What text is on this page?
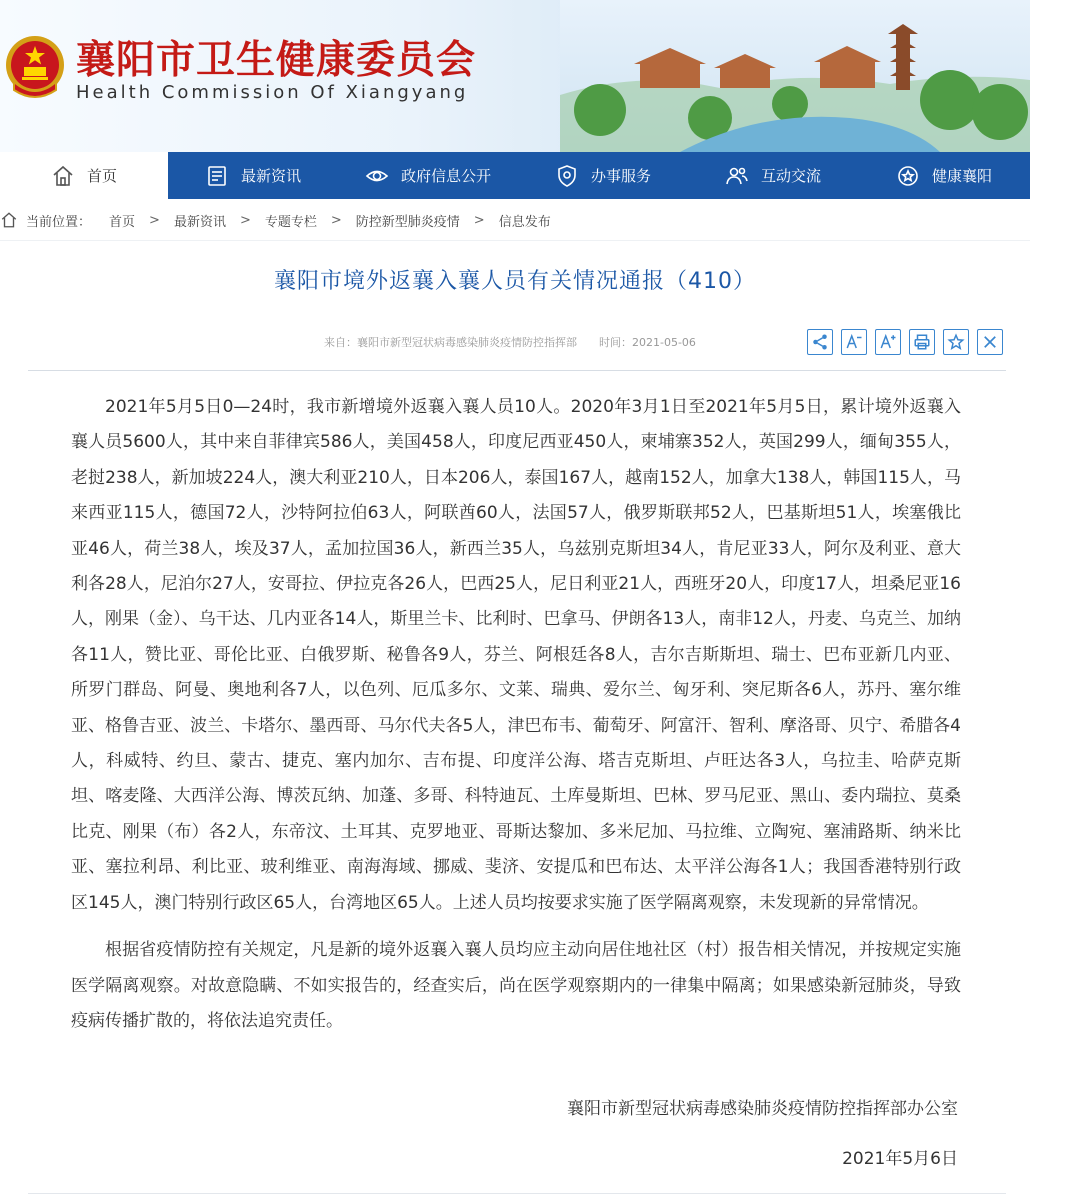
襄阳市卫生健康委员会
Health Commission Of Xiangyang
首页	最新资讯	政府信息公开	办事服务	互动交流	健康襄阳
当前位置： 首页 > 最新资讯 > 专题专栏 > 防控新型肺炎疫情 > 信息发布
襄阳市境外返襄入襄人员有关情况通报（410）
来自：襄阳市新型冠状病毒感染肺炎疫情防控指挥部 时间：2021-05-06

2021年5月5日0—24时，我市新增境外返襄入襄人员10人。2020年3月1日至2021年5月5日，累计境外返襄入襄人员5600人，其中来自菲律宾586人，美国458人，印度尼西亚450人，柬埔寨352人，英国299人，缅甸355人，老挝238人，新加坡224人，澳大利亚210人，日本206人，泰国167人，越南152人，加拿大138人，韩国115人，马来西亚115人，德国72人，沙特阿拉伯63人，阿联酋60人，法国57人，俄罗斯联邦52人，巴基斯坦51人，埃塞俄比亚46人，荷兰38人，埃及37人，孟加拉国36人，新西兰35人，乌兹别克斯坦34人，肯尼亚33人，阿尔及利亚、意大利各28人，尼泊尔27人，安哥拉、伊拉克各26人，巴西25人，尼日利亚21人，西班牙20人，印度17人，坦桑尼亚16人，刚果（金）、乌干达、几内亚各14人，斯里兰卡、比利时、巴拿马、伊朗各13人，南非12人，丹麦、乌克兰、加纳各11人，赞比亚、哥伦比亚、白俄罗斯、秘鲁各9人，芬兰、阿根廷各8人，吉尔吉斯斯坦、瑞士、巴布亚新几内亚、所罗门群岛、阿曼、奥地利各7人，以色列、厄瓜多尔、文莱、瑞典、爱尔兰、匈牙利、突尼斯各6人，苏丹、塞尔维亚、格鲁吉亚、波兰、卡塔尔、墨西哥、马尔代夫各5人，津巴布韦、葡萄牙、阿富汗、智利、摩洛哥、贝宁、希腊各4人，科威特、约旦、蒙古、捷克、塞内加尔、吉布提、印度洋公海、塔吉克斯坦、卢旺达各3人，乌拉圭、哈萨克斯坦、喀麦隆、大西洋公海、博茨瓦纳、加蓬、多哥、科特迪瓦、土库曼斯坦、巴林、罗马尼亚、黑山、委内瑞拉、莫桑比克、刚果（布）各2人，东帝汶、土耳其、克罗地亚、哥斯达黎加、多米尼加、马拉维、立陶宛、塞浦路斯、纳米比亚、塞拉利昂、利比亚、玻利维亚、南海海域、挪威、斐济、安提瓜和巴布达、太平洋公海各1人；我国香港特别行政区145人，澳门特别行政区65人，台湾地区65人。上述人员均按要求实施了医学隔离观察，未发现新的异常情况。

根据省疫情防控有关规定，凡是新的境外返襄入襄人员均应主动向居住地社区（村）报告相关情况，并按规定实施医学隔离观察。对故意隐瞒、不如实报告的，经查实后，尚在医学观察期内的一律集中隔离；如果感染新冠肺炎，导致疫病传播扩散的，将依法追究责任。

襄阳市新型冠状病毒感染肺炎疫情防控指挥部办公室
2021年5月6日
